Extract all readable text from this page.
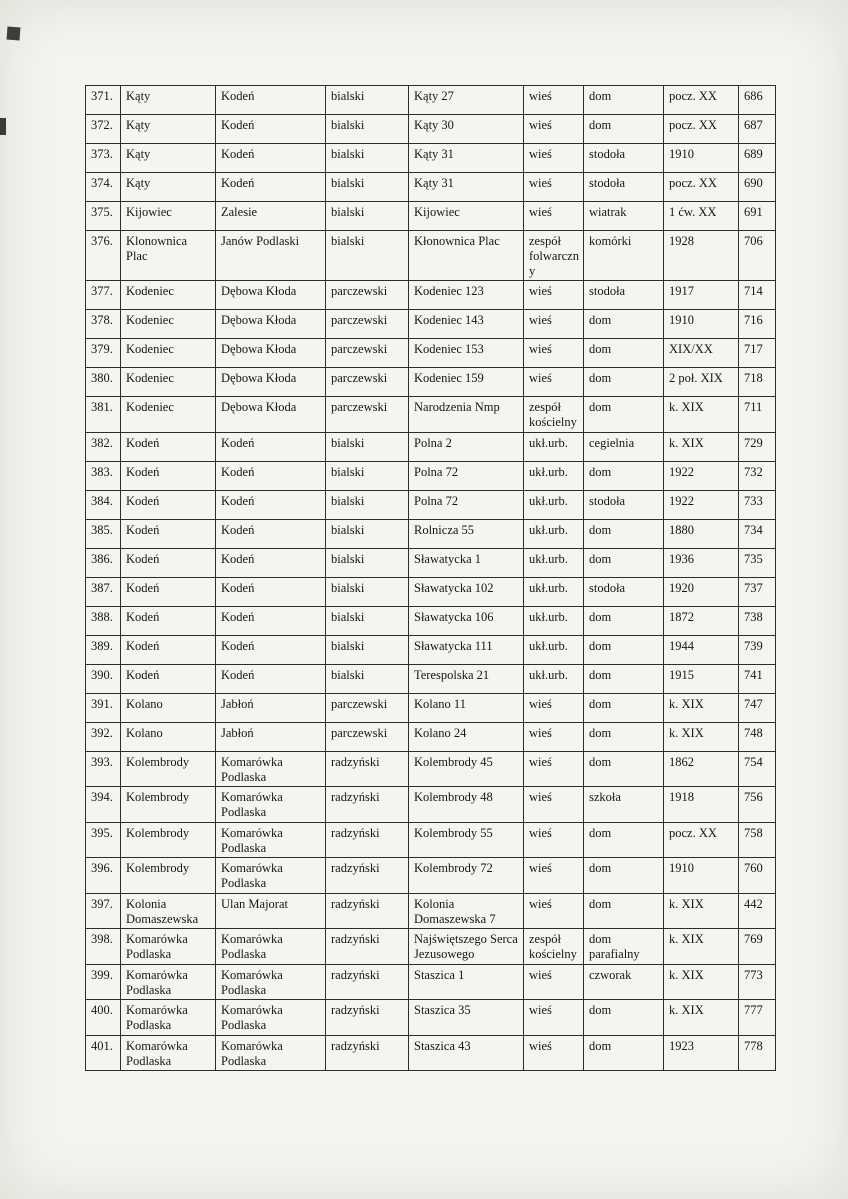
371.	Kąty	Kodeń	bialski	Kąty 27	wieś	dom	pocz. XX	686
372.	Kąty	Kodeń	bialski	Kąty 30	wieś	dom	pocz. XX	687
373.	Kąty	Kodeń	bialski	Kąty 31	wieś	stodoła	1910	689
374.	Kąty	Kodeń	bialski	Kąty 31	wieś	stodoła	pocz. XX	690
375.	Kijowiec	Zalesie	bialski	Kijowiec	wieś	wiatrak	1 ćw. XX	691
376.	Klonownica Plac	Janów Podlaski	bialski	Kłonownica Plac	zespół folwarczny	komórki	1928	706
377.	Kodeniec	Dębowa Kłoda	parczewski	Kodeniec 123	wieś	stodoła	1917	714
378.	Kodeniec	Dębowa Kłoda	parczewski	Kodeniec 143	wieś	dom	1910	716
379.	Kodeniec	Dębowa Kłoda	parczewski	Kodeniec 153	wieś	dom	XIX/XX	717
380.	Kodeniec	Dębowa Kłoda	parczewski	Kodeniec 159	wieś	dom	2 poł. XIX	718
381.	Kodeniec	Dębowa Kłoda	parczewski	Narodzenia Nmp	zespół kościelny	dom	k. XIX	711
382.	Kodeń	Kodeń	bialski	Polna 2	ukł.urb.	cegielnia	k. XIX	729
383.	Kodeń	Kodeń	bialski	Polna 72	ukł.urb.	dom	1922	732
384.	Kodeń	Kodeń	bialski	Polna 72	ukł.urb.	stodoła	1922	733
385.	Kodeń	Kodeń	bialski	Rolnicza 55	ukł.urb.	dom	1880	734
386.	Kodeń	Kodeń	bialski	Sławatycka 1	ukł.urb.	dom	1936	735
387.	Kodeń	Kodeń	bialski	Sławatycka 102	ukł.urb.	stodoła	1920	737
388.	Kodeń	Kodeń	bialski	Sławatycka 106	ukł.urb.	dom	1872	738
389.	Kodeń	Kodeń	bialski	Sławatycka 111	ukł.urb.	dom	1944	739
390.	Kodeń	Kodeń	bialski	Terespolska 21	ukł.urb.	dom	1915	741
391.	Kolano	Jabłoń	parczewski	Kolano 11	wieś	dom	k. XIX	747
392.	Kolano	Jabłoń	parczewski	Kolano 24	wieś	dom	k. XIX	748
393.	Kolembrody	Komarówka Podlaska	radzyński	Kolembrody 45	wieś	dom	1862	754
394.	Kolembrody	Komarówka Podlaska	radzyński	Kolembrody 48	wieś	szkoła	1918	756
395.	Kolembrody	Komarówka Podlaska	radzyński	Kolembrody 55	wieś	dom	pocz. XX	758
396.	Kolembrody	Komarówka Podlaska	radzyński	Kolembrody 72	wieś	dom	1910	760
397.	Kolonia Domaszewska	Ulan Majorat	radzyński	Kolonia Domaszewska 7	wieś	dom	k. XIX	442
398.	Komarówka Podlaska	Komarówka Podlaska	radzyński	Najświętszego Serca Jezusowego	zespół kościelny	dom parafialny	k. XIX	769
399.	Komarówka Podlaska	Komarówka Podlaska	radzyński	Staszica 1	wieś	czworak	k. XIX	773
400.	Komarówka Podlaska	Komarówka Podlaska	radzyński	Staszica 35	wieś	dom	k. XIX	777
401.	Komarówka Podlaska	Komarówka Podlaska	radzyński	Staszica 43	wieś	dom	1923	778
